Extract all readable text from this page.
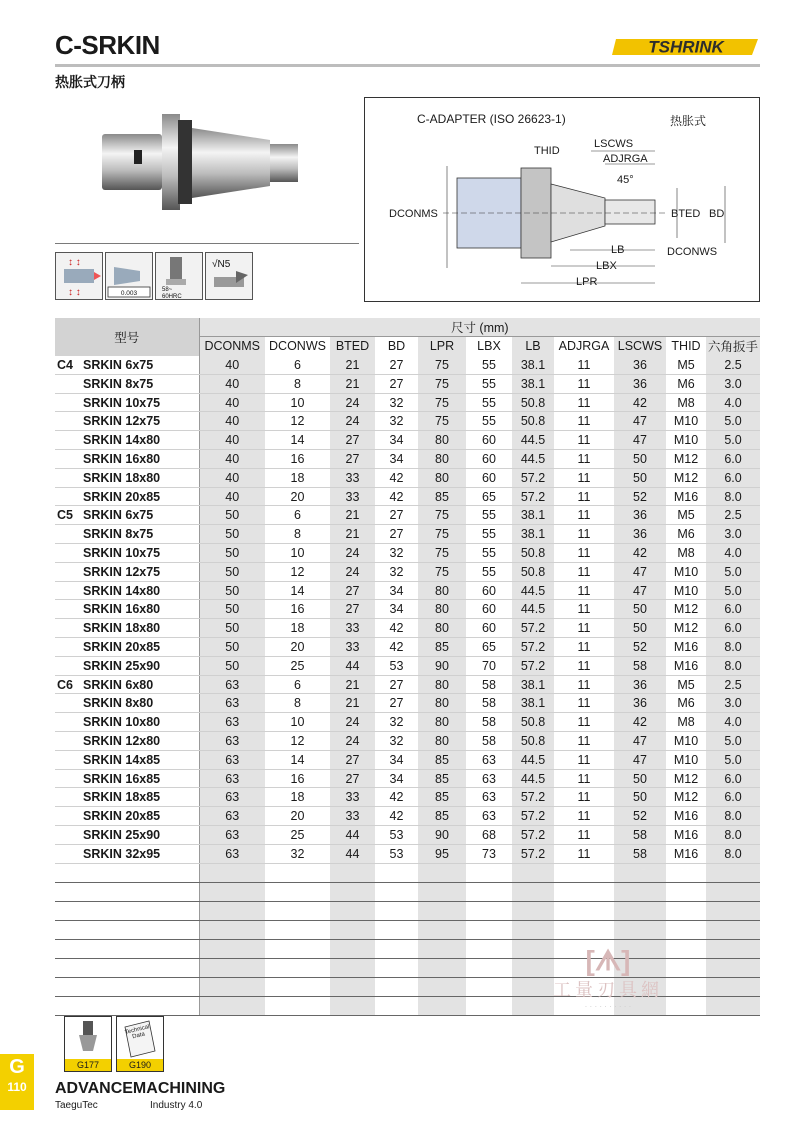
C-SRKIN
热胀式刀柄
TSHRINK
↕ ↕
↕ ↕	0.003	58~
60HRC
√N5
C-ADAPTER (ISO 26623-1)	热胀式
LSCWS
THID
ADJRGA
45°
DCONMS	BTED BD
LB	DCONWS
LBX
LPR
型号	尺寸 (mm)										
	DCONMS	DCONWS	BTED	BD	LPR	LBX	LB	ADJRGA	LSCWS	THID	六角扳手
C4 SRKIN 6x75	40	6	21	27	75	55	38.1	11	36	M5	2.5
SRKIN 8x75	40	8	21	27	75	55	38.1	11	36	M6	3.0
SRKIN 10x75	40	10	24	32	75	55	50.8	11	42	M8	4.0
SRKIN 12x75	40	12	24	32	75	55	50.8	11	47	M10	5.0
SRKIN 14x80	40	14	27	34	80	60	44.5	11	47	M10	5.0
SRKIN 16x80	40	16	27	34	80	60	44.5	11	50	M12	6.0
SRKIN 18x80	40	18	33	42	80	60	57.2	11	50	M12	6.0
SRKIN 20x85	40	20	33	42	85	65	57.2	11	52	M16	8.0
C5 SRKIN 6x75	50	6	21	27	75	55	38.1	11	36	M5	2.5
SRKIN 8x75	50	8	21	27	75	55	38.1	11	36	M6	3.0
SRKIN 10x75	50	10	24	32	75	55	50.8	11	42	M8	4.0
SRKIN 12x75	50	12	24	32	75	55	50.8	11	47	M10	5.0
SRKIN 14x80	50	14	27	34	80	60	44.5	11	47	M10	5.0
SRKIN 16x80	50	16	27	34	80	60	44.5	11	50	M12	6.0
SRKIN 18x80	50	18	33	42	80	60	57.2	11	50	M12	6.0
SRKIN 20x85	50	20	33	42	85	65	57.2	11	52	M16	8.0
SRKIN 25x90	50	25	44	53	90	70	57.2	11	58	M16	8.0
C6 SRKIN 6x80	63	6	21	27	80	58	38.1	11	36	M5	2.5
SRKIN 8x80	63	8	21	27	80	58	38.1	11	36	M6	3.0
SRKIN 10x80	63	10	24	32	80	58	50.8	11	42	M8	4.0
SRKIN 12x80	63	12	24	32	80	58	50.8	11	47	M10	5.0
SRKIN 14x85	63	14	27	34	85	63	44.5	11	47	M10	5.0
SRKIN 16x85	63	16	27	34	85	63	44.5	11	50	M12	6.0
SRKIN 18x85	63	18	33	42	85	63	57.2	11	50	M12	6.0
SRKIN 20x85	63	20	33	42	85	63	57.2	11	52	M16	8.0
SRKIN 25x90	63	25	44	53	90	68	57.2	11	58	M16	8.0
SRKIN 32x95	63	32	44	53	95	73	57.2	11	58	M16	8.0

[ᗑ]
工量刃具網
· · · · · · · · · ·
G177
Technical Data
G190
G
110	ADVANCEMACHINING
TaeguTec	Industry 4.0
